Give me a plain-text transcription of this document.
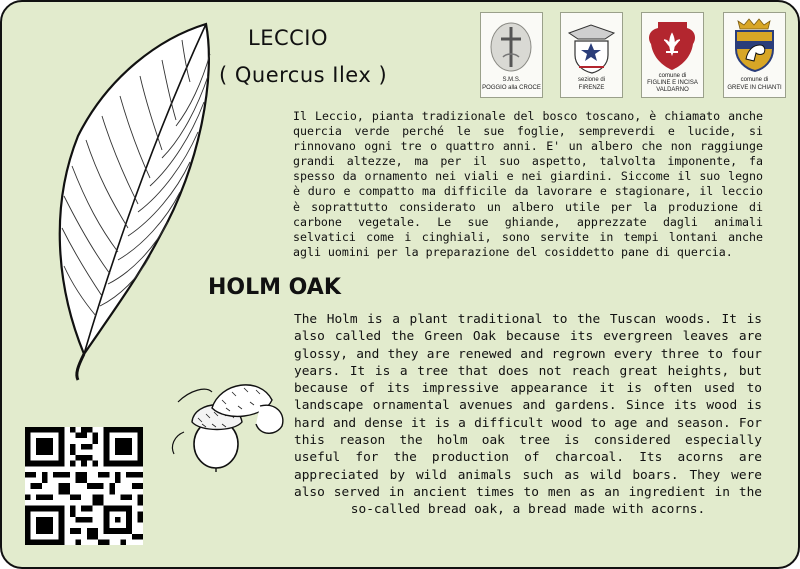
LECCIO
( Quercus Ilex )
HOLM OAK
S.M.S.
POGGIO alla CROCE
sezione di
FIRENZE
comune di
FIGLINE E INCISA
VALDARNO
comune di
GREVE IN CHIANTI

Il Leccio, pianta tradizionale del bosco toscano, è chiamato anche quercia verde perché le sue foglie, sempreverdi e lucide, si rinnovano ogni tre o quattro anni. E' un albero che non raggiunge grandi altezze, ma per il suo aspetto, talvolta imponente, fa spesso da ornamento nei viali e nei giardini. Siccome il suo legno è duro e compatto ma difficile da lavorare e stagionare, il leccio è soprattutto considerato un albero utile per la produzione di carbone vegetale. Le sue ghiande, apprezzate dagli animali selvatici come i cinghiali, sono servite in tempi lontani anche agli uomini per la preparazione del cosiddetto pane di quercia.

The Holm is a plant traditional to the Tuscan woods. It is also called the Green Oak because its evergreen leaves are glossy, and they are renewed and regrown every three to four years. It is a tree that does not reach great heights, but because of its impressive appearance it is often used to landscape ornamental avenues and gardens. Since its wood is hard and dense it is a difficult wood to age and season. For this reason the holm oak tree is considered especially useful for the production of charcoal. Its acorns are appreciated by wild animals such as wild boars. They were also served in ancient times to men as an ingredient in the so-called bread oak, a bread made with acorns.
